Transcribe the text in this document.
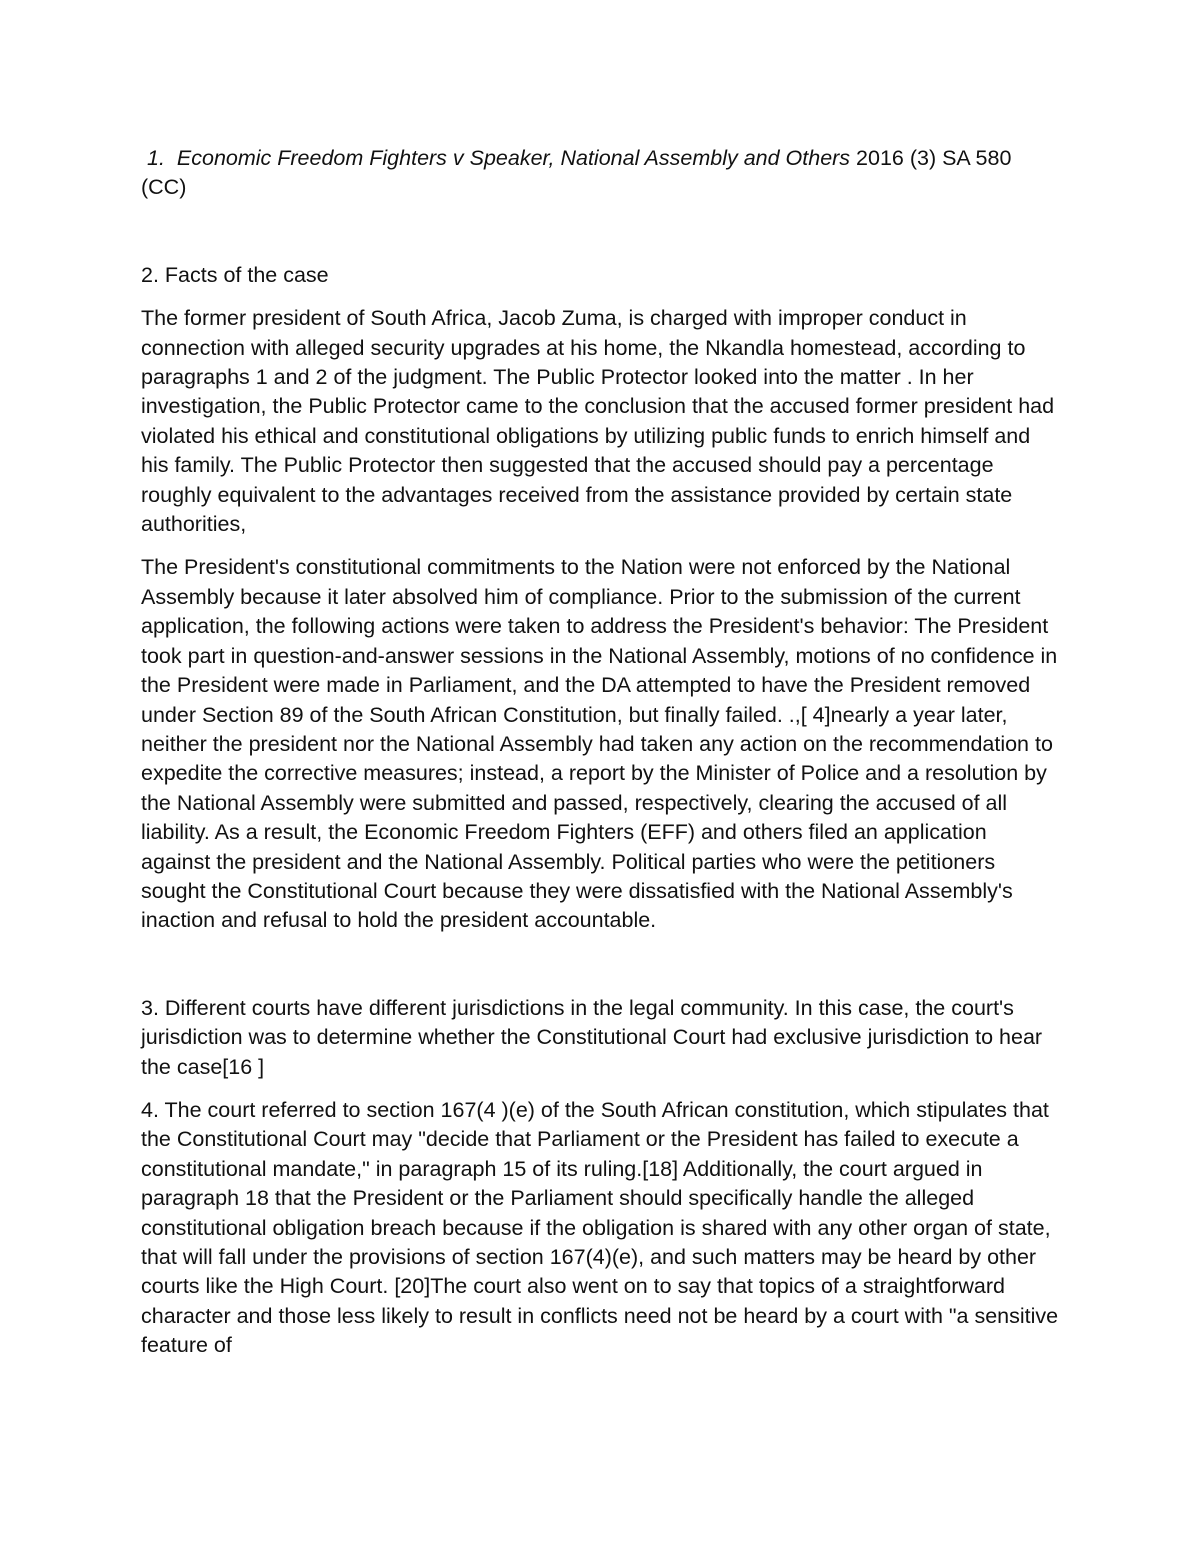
1. Economic Freedom Fighters v Speaker, National Assembly and Others 2016 (3) SA 580 (CC)

2. Facts of the case

The former president of South Africa, Jacob Zuma, is charged with improper conduct in connection with alleged security upgrades at his home, the Nkandla homestead, according to paragraphs 1 and 2 of the judgment. The Public Protector looked into the matter . In her investigation, the Public Protector came to the conclusion that the accused former president had violated his ethical and constitutional obligations by utilizing public funds to enrich himself and his family. The Public Protector then suggested that the accused should pay a percentage roughly equivalent to the advantages received from the assistance provided by certain state authorities,

The President's constitutional commitments to the Nation were not enforced by the National Assembly because it later absolved him of compliance. Prior to the submission of the current application, the following actions were taken to address the President's behavior: The President took part in question-and-answer sessions in the National Assembly, motions of no confidence in the President were made in Parliament, and the DA attempted to have the President removed under Section 89 of the South African Constitution, but finally failed. .,[ 4]nearly a year later, neither the president nor the National Assembly had taken any action on the recommendation to expedite the corrective measures; instead, a report by the Minister of Police and a resolution by the National Assembly were submitted and passed, respectively, clearing the accused of all liability. As a result, the Economic Freedom Fighters (EFF) and others filed an application against the president and the National Assembly. Political parties who were the petitioners sought the Constitutional Court because they were dissatisfied with the National Assembly's inaction and refusal to hold the president accountable.

3. Different courts have different jurisdictions in the legal community. In this case, the court's jurisdiction was to determine whether the Constitutional Court had exclusive jurisdiction to hear the case[16 ]

4. The court referred to section 167(4 )(e) of the South African constitution, which stipulates that the Constitutional Court may "decide that Parliament or the President has failed to execute a constitutional mandate," in paragraph 15 of its ruling.[18] Additionally, the court argued in paragraph 18 that the President or the Parliament should specifically handle the alleged constitutional obligation breach because if the obligation is shared with any other organ of state, that will fall under the provisions of section 167(4)(e), and such matters may be heard by other courts like the High Court. [20]The court also went on to say that topics of a straightforward character and those less likely to result in conflicts need not be heard by a court with "a sensitive feature of
